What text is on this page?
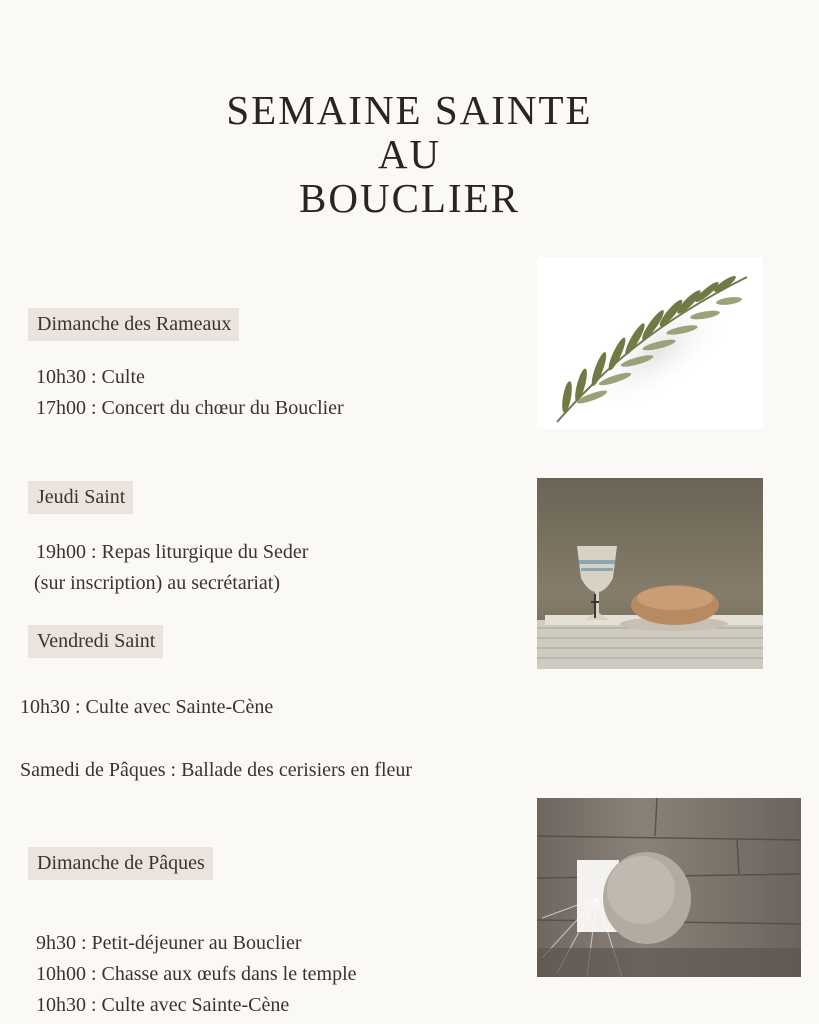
SEMAINE SAINTE
AU
BOUCLIER
Dimanche des Rameaux
10h30 : Culte
17h00 : Concert du chœur du Bouclier
Jeudi Saint
19h00 : Repas liturgique du Seder
(sur inscription) au secrétariat)
Vendredi Saint
10h30 : Culte avec Sainte-Cène
Samedi de Pâques : Ballade des cerisiers en fleur
Dimanche de Pâques
9h30 : Petit-déjeuner au Bouclier
10h00 : Chasse aux œufs dans le temple
10h30 : Culte avec Sainte-Cène
